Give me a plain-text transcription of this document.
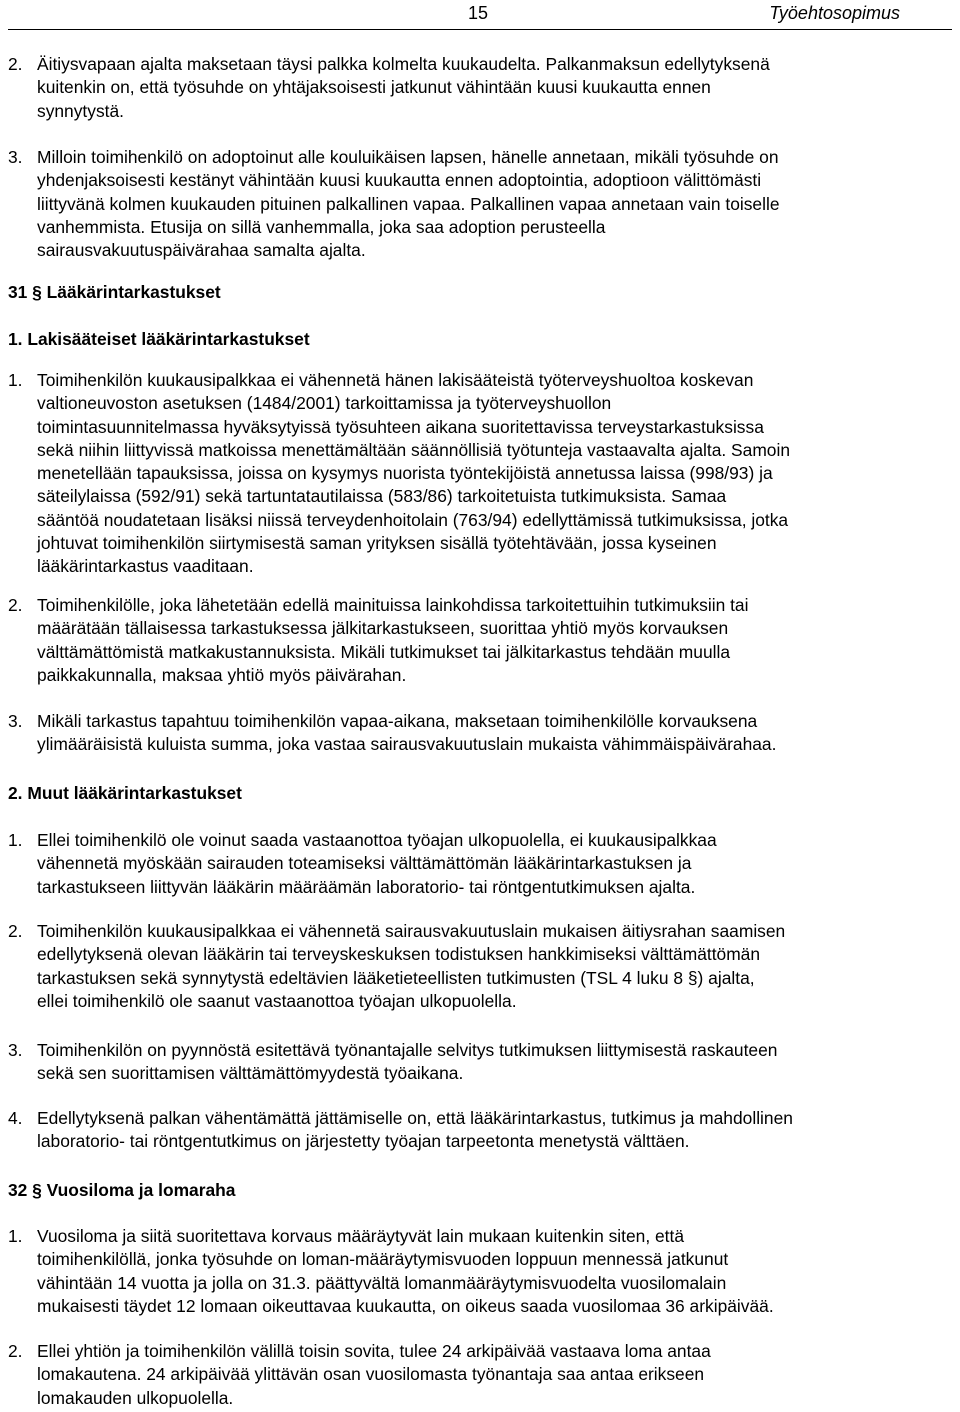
15	Työehtosopimus
2. Äitiysvapaan ajalta maksetaan täysi palkka kolmelta kuukaudelta. Palkanmaksun edellytyksenä
kuitenkin on, että työsuhde on yhtäjaksoisesti jatkunut vähintään kuusi kuukautta ennen
synnytystä.
3. Milloin toimihenkilö on adoptoinut alle kouluikäisen lapsen, hänelle annetaan, mikäli työsuhde on
yhdenjaksoisesti kestänyt vähintään kuusi kuukautta ennen adoptointia, adoptioon välittömästi
liittyvänä kolmen kuukauden pituinen palkallinen vapaa. Palkallinen vapaa annetaan vain toiselle
vanhemmista. Etusija on sillä vanhemmalla, joka saa adoption perusteella
sairausvakuutuspäivärahaa samalta ajalta.
31 § Lääkärintarkastukset
1. Lakisääteiset lääkärintarkastukset
1. Toimihenkilön kuukausipalkkaa ei vähennetä hänen lakisääteistä työterveyshuoltoa koskevan
valtioneuvoston asetuksen (1484/2001) tarkoittamissa ja työterveyshuollon
toimintasuunnitelmassa hyväksytyissä työsuhteen aikana suoritettavissa terveystarkastuksissa
sekä niihin liittyvissä matkoissa menettämältään säännöllisiä työtunteja vastaavalta ajalta. Samoin
menetellään tapauksissa, joissa on kysymys nuorista työntekijöistä annetussa laissa (998/93) ja
säteilylaissa (592/91) sekä tartuntatautilaissa (583/86) tarkoitetuista tutkimuksista. Samaa
sääntöä noudatetaan lisäksi niissä terveydenhoitolain (763/94) edellyttämissä tutkimuksissa, jotka
johtuvat toimihenkilön siirtymisestä saman yrityksen sisällä työtehtävään, jossa kyseinen
lääkärintarkastus vaaditaan.
2. Toimihenkilölle, joka lähetetään edellä mainituissa lainkohdissa tarkoitettuihin tutkimuksiin tai
määrätään tällaisessa tarkastuksessa jälkitarkastukseen, suorittaa yhtiö myös korvauksen
välttämättömistä matkakustannuksista. Mikäli tutkimukset tai jälkitarkastus tehdään muulla
paikkakunnalla, maksaa yhtiö myös päivärahan.
3. Mikäli tarkastus tapahtuu toimihenkilön vapaa-aikana, maksetaan toimihenkilölle korvauksena
ylimääräisistä kuluista summa, joka vastaa sairausvakuutuslain mukaista vähimmäispäivärahaa.
2. Muut lääkärintarkastukset
1. Ellei toimihenkilö ole voinut saada vastaanottoa työajan ulkopuolella, ei kuukausipalkkaa
vähennetä myöskään sairauden toteamiseksi välttämättömän lääkärintarkastuksen ja
tarkastukseen liittyvän lääkärin määräämän laboratorio- tai röntgentutkimuksen ajalta.
2. Toimihenkilön kuukausipalkkaa ei vähennetä sairausvakuutuslain mukaisen äitiysrahan saamisen
edellytyksenä olevan lääkärin tai terveyskeskuksen todistuksen hankkimiseksi välttämättömän
tarkastuksen sekä synnytystä edeltävien lääketieteellisten tutkimusten (TSL 4 luku 8 §) ajalta,
ellei toimihenkilö ole saanut vastaanottoa työajan ulkopuolella.
3. Toimihenkilön on pyynnöstä esitettävä työnantajalle selvitys tutkimuksen liittymisestä raskauteen
sekä sen suorittamisen välttämättömyydestä työaikana.
4. Edellytyksenä palkan vähentämättä jättämiselle on, että lääkärintarkastus, tutkimus ja mahdollinen
laboratorio- tai röntgentutkimus on järjestetty työajan tarpeetonta menetystä välttäen.
32 § Vuosiloma ja lomaraha
1. Vuosiloma ja siitä suoritettava korvaus määräytyvät lain mukaan kuitenkin siten, että
toimihenkilöllä, jonka työsuhde on loman-määräytymisvuoden loppuun mennessä jatkunut
vähintään 14 vuotta ja jolla on 31.3. päättyvältä lomanmääräytymisvuodelta vuosilomalain
mukaisesti täydet 12 lomaan oikeuttavaa kuukautta, on oikeus saada vuosilomaa 36 arkipäivää.
2. Ellei yhtiön ja toimihenkilön välillä toisin sovita, tulee 24 arkipäivää vastaava loma antaa
lomakautena. 24 arkipäivää ylittävän osan vuosilomasta työnantaja saa antaa erikseen
lomakauden ulkopuolella.
